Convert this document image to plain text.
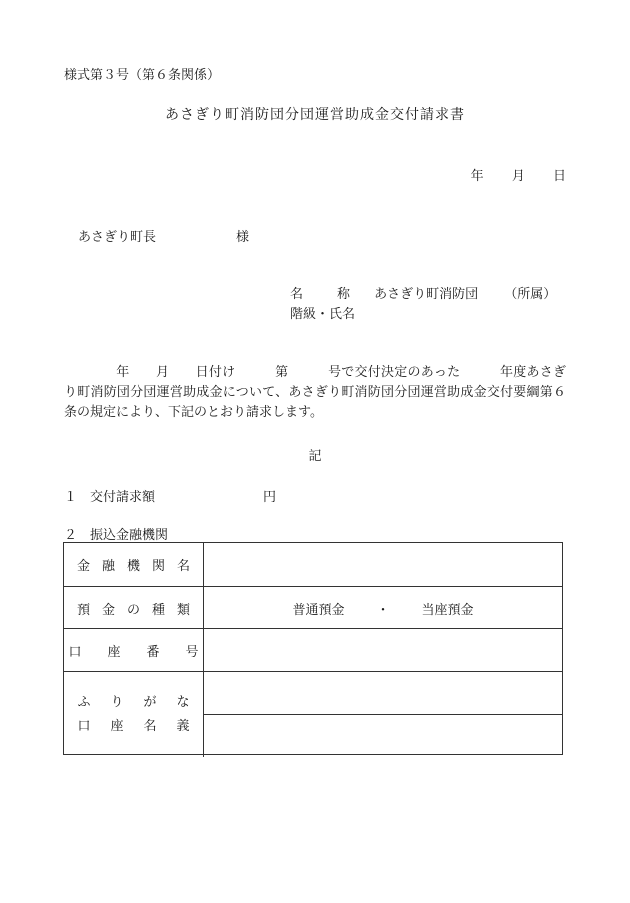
様式第３号（第６条関係）
あさぎり町消防団分団運営助成金交付請求書
年 月 日
あさぎり町長	様
名称 あさぎり町消防団 （所属）
階級・氏名
年　　月　　日付け　　　第　　　号で交付決定のあった　　　年度あさぎり町消防団分団運営助成金について、あさぎり町消防団分団運営助成金交付要綱第６条の規定により、下記のとおり請求します。
記
１　交付請求額	円
２　振込金融機関
金融機関名
預金の種類	普通預金 ・ 当座預金
口座番号
ふりがな
口座名義
